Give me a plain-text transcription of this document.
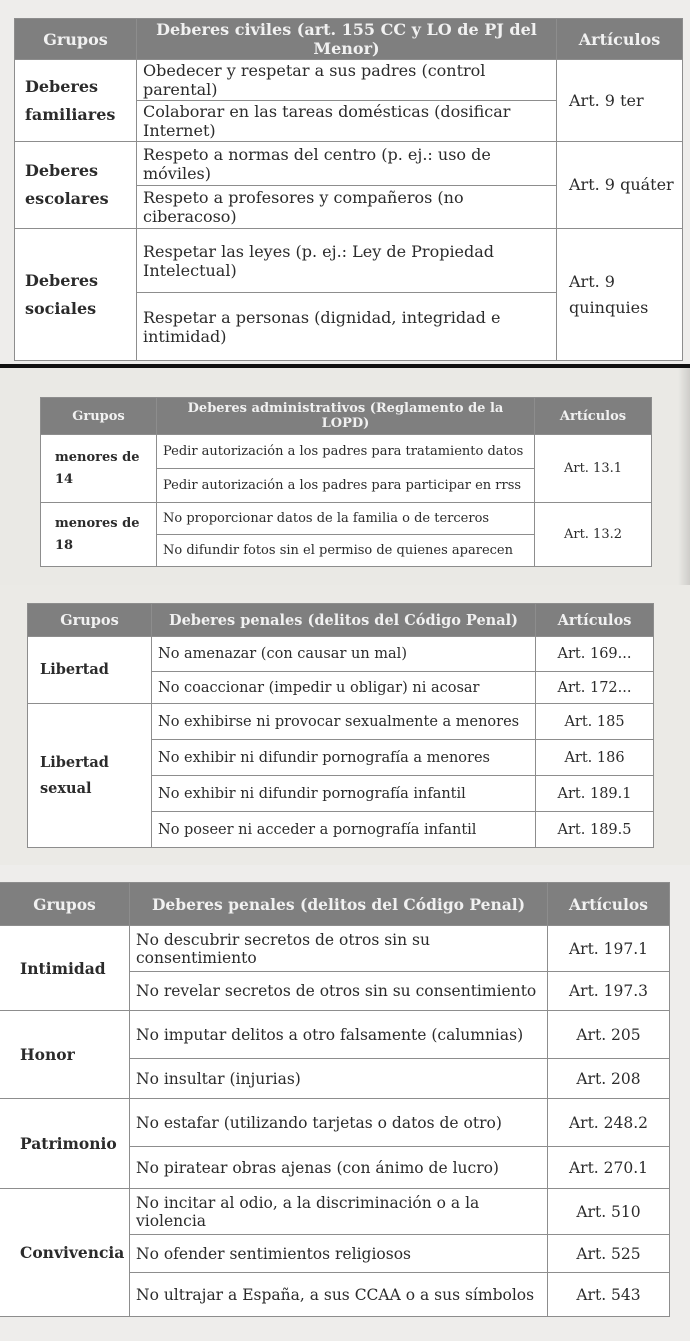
Grupos	Deberes civiles (art. 155 CC y LO de PJ del Menor)	Artículos
Deberes familiares	Obedecer y respetar a sus padres (control parental)	Art. 9 ter
	Colaborar en las tareas domésticas (dosificar Internet)	
Deberes escolares	Respeto a normas del centro (p. ej.: uso de móviles)	Art. 9 quáter
	Respeto a profesores y compañeros (no ciberacoso)	
Deberes sociales	Respetar las leyes (p. ej.: Ley de Propiedad Intelectual)	Art. 9 quinquies
	Respetar a personas (dignidad, integridad e intimidad)	
Grupos	Deberes administrativos (Reglamento de la LOPD)	Artículos
menores de 14	Pedir autorización a los padres para tratamiento datos	Art. 13.1
	Pedir autorización a los padres para participar en rrss	
menores de 18	No proporcionar datos de la familia o de terceros	Art. 13.2
	No difundir fotos sin el permiso de quienes aparecen	
Grupos	Deberes penales (delitos del Código Penal)	Artículos
Libertad	No amenazar (con causar un mal)	Art. 169...
	No coaccionar (impedir u obligar) ni acosar	Art. 172...
Libertad sexual	No exhibirse ni provocar sexualmente a menores	Art. 185
	No exhibir ni difundir pornografía a menores	Art. 186
	No exhibir ni difundir pornografía infantil	Art. 189.1
	No poseer ni acceder a pornografía infantil	Art. 189.5
Grupos	Deberes penales (delitos del Código Penal)	Artículos
Intimidad	No descubrir secretos de otros sin su consentimiento	Art. 197.1
	No revelar secretos de otros sin su consentimiento	Art. 197.3
Honor	No imputar delitos a otro falsamente (calumnias)	Art. 205
	No insultar (injurias)	Art. 208
Patrimonio	No estafar (utilizando tarjetas o datos de otro)	Art. 248.2
	No piratear obras ajenas (con ánimo de lucro)	Art. 270.1
Convivencia	No incitar al odio, a la discriminación o a la violencia	Art. 510
	No ofender sentimientos religiosos	Art. 525
	No ultrajar a España, a sus CCAA o a sus símbolos	Art. 543
